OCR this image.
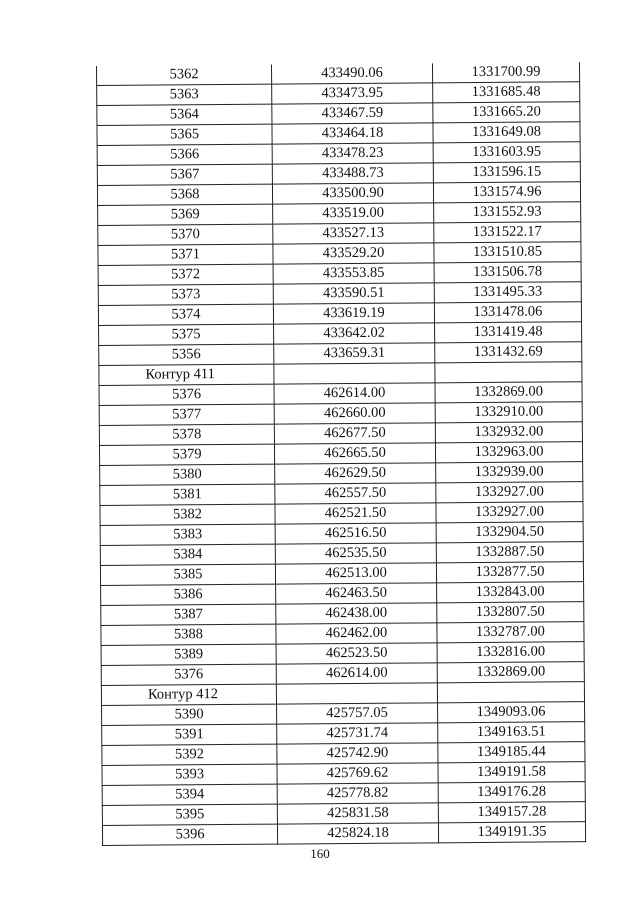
5362	433490.06	1331700.99
5363	433473.95	1331685.48
5364	433467.59	1331665.20
5365	433464.18	1331649.08
5366	433478.23	1331603.95
5367	433488.73	1331596.15
5368	433500.90	1331574.96
5369	433519.00	1331552.93
5370	433527.13	1331522.17
5371	433529.20	1331510.85
5372	433553.85	1331506.78
5373	433590.51	1331495.33
5374	433619.19	1331478.06
5375	433642.02	1331419.48
5356	433659.31	1331432.69
Контур 411		
5376	462614.00	1332869.00
5377	462660.00	1332910.00
5378	462677.50	1332932.00
5379	462665.50	1332963.00
5380	462629.50	1332939.00
5381	462557.50	1332927.00
5382	462521.50	1332927.00
5383	462516.50	1332904.50
5384	462535.50	1332887.50
5385	462513.00	1332877.50
5386	462463.50	1332843.00
5387	462438.00	1332807.50
5388	462462.00	1332787.00
5389	462523.50	1332816.00
5376	462614.00	1332869.00
Контур 412		
5390	425757.05	1349093.06
5391	425731.74	1349163.51
5392	425742.90	1349185.44
5393	425769.62	1349191.58
5394	425778.82	1349176.28
5395	425831.58	1349157.28
5396	425824.18	1349191.35
160
